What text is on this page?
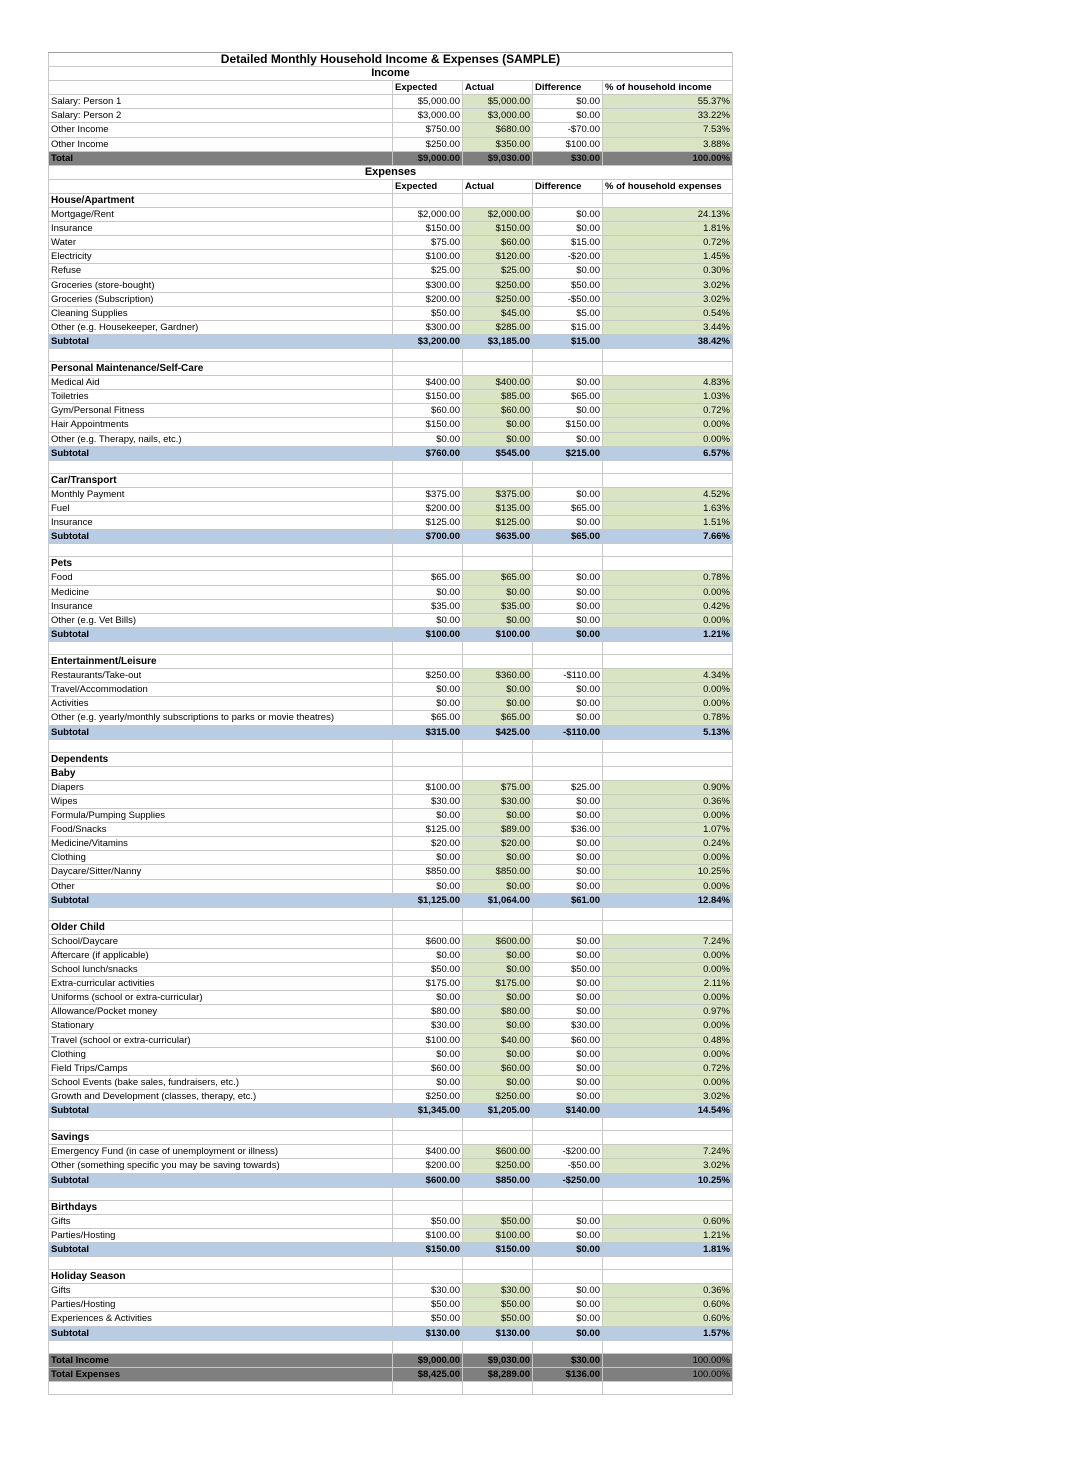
Detailed Monthly Household Income & Expenses (SAMPLE)				
Income				
	Expected	Actual	Difference	% of household income
Salary: Person 1	$5,000.00	$5,000.00	$0.00	55.37%
Salary: Person 2	$3,000.00	$3,000.00	$0.00	33.22%
Other Income	$750.00	$680.00	-$70.00	7.53%
Other Income	$250.00	$350.00	$100.00	3.88%
Total	$9,000.00	$9,030.00	$30.00	100.00%
Expenses				
	Expected	Actual	Difference	% of household expenses
House/Apartment				
Mortgage/Rent	$2,000.00	$2,000.00	$0.00	24.13%
Insurance	$150.00	$150.00	$0.00	1.81%
Water	$75.00	$60.00	$15.00	0.72%
Electricity	$100.00	$120.00	-$20.00	1.45%
Refuse	$25.00	$25.00	$0.00	0.30%
Groceries (store-bought)	$300.00	$250.00	$50.00	3.02%
Groceries (Subscription)	$200.00	$250.00	-$50.00	3.02%
Cleaning Supplies	$50.00	$45.00	$5.00	0.54%
Other (e.g. Housekeeper, Gardner)	$300.00	$285.00	$15.00	3.44%
Subtotal	$3,200.00	$3,185.00	$15.00	38.42%

Personal Maintenance/Self-Care				
Medical Aid	$400.00	$400.00	$0.00	4.83%
Toiletries	$150.00	$85.00	$65.00	1.03%
Gym/Personal Fitness	$60.00	$60.00	$0.00	0.72%
Hair Appointments	$150.00	$0.00	$150.00	0.00%
Other (e.g. Therapy, nails, etc.)	$0.00	$0.00	$0.00	0.00%
Subtotal	$760.00	$545.00	$215.00	6.57%

Car/Transport				
Monthly Payment	$375.00	$375.00	$0.00	4.52%
Fuel	$200.00	$135.00	$65.00	1.63%
Insurance	$125.00	$125.00	$0.00	1.51%
Subtotal	$700.00	$635.00	$65.00	7.66%

Pets				
Food	$65.00	$65.00	$0.00	0.78%
Medicine	$0.00	$0.00	$0.00	0.00%
Insurance	$35.00	$35.00	$0.00	0.42%
Other (e.g. Vet Bills)	$0.00	$0.00	$0.00	0.00%
Subtotal	$100.00	$100.00	$0.00	1.21%

Entertainment/Leisure				
Restaurants/Take-out	$250.00	$360.00	-$110.00	4.34%
Travel/Accommodation	$0.00	$0.00	$0.00	0.00%
Activities	$0.00	$0.00	$0.00	0.00%
Other (e.g. yearly/monthly subscriptions to parks or movie theatres)	$65.00	$65.00	$0.00	0.78%
Subtotal	$315.00	$425.00	-$110.00	5.13%

Dependents				
Baby				
Diapers	$100.00	$75.00	$25.00	0.90%
Wipes	$30.00	$30.00	$0.00	0.36%
Formula/Pumping Supplies	$0.00	$0.00	$0.00	0.00%
Food/Snacks	$125.00	$89.00	$36.00	1.07%
Medicine/Vitamins	$20.00	$20.00	$0.00	0.24%
Clothing	$0.00	$0.00	$0.00	0.00%
Daycare/Sitter/Nanny	$850.00	$850.00	$0.00	10.25%
Other	$0.00	$0.00	$0.00	0.00%
Subtotal	$1,125.00	$1,064.00	$61.00	12.84%

Older Child				
School/Daycare	$600.00	$600.00	$0.00	7.24%
Aftercare (if applicable)	$0.00	$0.00	$0.00	0.00%
School lunch/snacks	$50.00	$0.00	$50.00	0.00%
Extra-curricular activities	$175.00	$175.00	$0.00	2.11%
Uniforms (school or extra-curricular)	$0.00	$0.00	$0.00	0.00%
Allowance/Pocket money	$80.00	$80.00	$0.00	0.97%
Stationary	$30.00	$0.00	$30.00	0.00%
Travel (school or extra-curricular)	$100.00	$40.00	$60.00	0.48%
Clothing	$0.00	$0.00	$0.00	0.00%
Field Trips/Camps	$60.00	$60.00	$0.00	0.72%
School Events (bake sales, fundraisers, etc.)	$0.00	$0.00	$0.00	0.00%
Growth and Development (classes, therapy, etc.)	$250.00	$250.00	$0.00	3.02%
Subtotal	$1,345.00	$1,205.00	$140.00	14.54%

Savings				
Emergency Fund (in case of unemployment or illness)	$400.00	$600.00	-$200.00	7.24%
Other (something specific you may be saving towards)	$200.00	$250.00	-$50.00	3.02%
Subtotal	$600.00	$850.00	-$250.00	10.25%

Birthdays				
Gifts	$50.00	$50.00	$0.00	0.60%
Parties/Hosting	$100.00	$100.00	$0.00	1.21%
Subtotal	$150.00	$150.00	$0.00	1.81%

Holiday Season				
Gifts	$30.00	$30.00	$0.00	0.36%
Parties/Hosting	$50.00	$50.00	$0.00	0.60%
Experiences & Activities	$50.00	$50.00	$0.00	0.60%
Subtotal	$130.00	$130.00	$0.00	1.57%

Total Income	$9,000.00	$9,030.00	$30.00	100.00%
Total Expenses	$8,425.00	$8,289.00	$136.00	100.00%
